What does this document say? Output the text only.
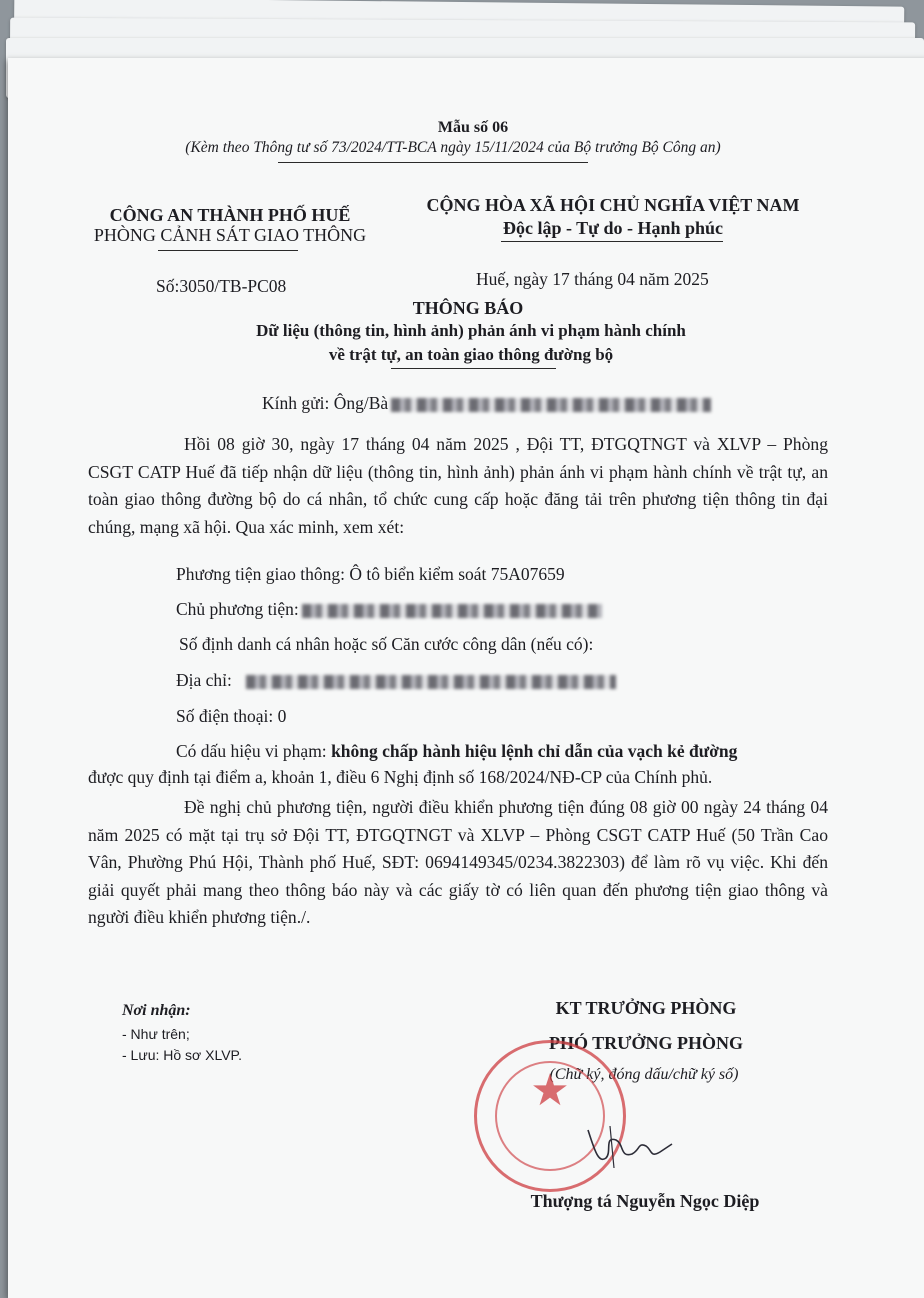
Mẫu số 06
(Kèm theo Thông tư số 73/2024/TT-BCA ngày 15/11/2024 của Bộ trưởng Bộ Công an)
CÔNG AN THÀNH PHỐ HUẾ
PHÒNG CẢNH SÁT GIAO THÔNG
Số:3050/TB-PC08
CỘNG HÒA XÃ HỘI CHỦ NGHĨA VIỆT NAM
Độc lập - Tự do - Hạnh phúc
Huế, ngày 17 tháng 04 năm 2025
THÔNG BÁO
Dữ liệu (thông tin, hình ảnh) phản ánh vi phạm hành chính
về trật tự, an toàn giao thông đường bộ
Kính gửi: Ông/Bà
Hồi 08 giờ 30, ngày 17 tháng 04 năm 2025 , Đội TT, ĐTGQTNGT và XLVP – Phòng CSGT CATP Huế đã tiếp nhận dữ liệu (thông tin, hình ảnh) phản ánh vi phạm hành chính về trật tự, an toàn giao thông đường bộ do cá nhân, tổ chức cung cấp hoặc đăng tải trên phương tiện thông tin đại chúng, mạng xã hội. Qua xác minh, xem xét:
Phương tiện giao thông: Ô tô biển kiểm soát 75A07659
Chủ phương tiện:
Số định danh cá nhân hoặc số Căn cước công dân (nếu có):
Địa chỉ:
Số điện thoại: 0
Có dấu hiệu vi phạm: không chấp hành hiệu lệnh chỉ dẫn của vạch kẻ đường
được quy định tại điểm a, khoản 1, điều 6 Nghị định số 168/2024/NĐ-CP của Chính phủ.
Đề nghị chủ phương tiện, người điều khiển phương tiện đúng 08 giờ 00 ngày 24 tháng 04 năm 2025 có mặt tại trụ sở Đội TT, ĐTGQTNGT và XLVP – Phòng CSGT CATP Huế (50 Trần Cao Vân, Phường Phú Hội, Thành phố Huế, SĐT: 0694149345/0234.3822303) để làm rõ vụ việc. Khi đến giải quyết phải mang theo thông báo này và các giấy tờ có liên quan đến phương tiện giao thông và người điều khiển phương tiện./.
Nơi nhận:
- Như trên;
- Lưu: Hồ sơ XLVP.
KT TRƯỞNG PHÒNG
PHÓ TRƯỞNG PHÒNG
(Chữ ký, đóng dấu/chữ ký số)
★
Thượng tá Nguyễn Ngọc Diệp
